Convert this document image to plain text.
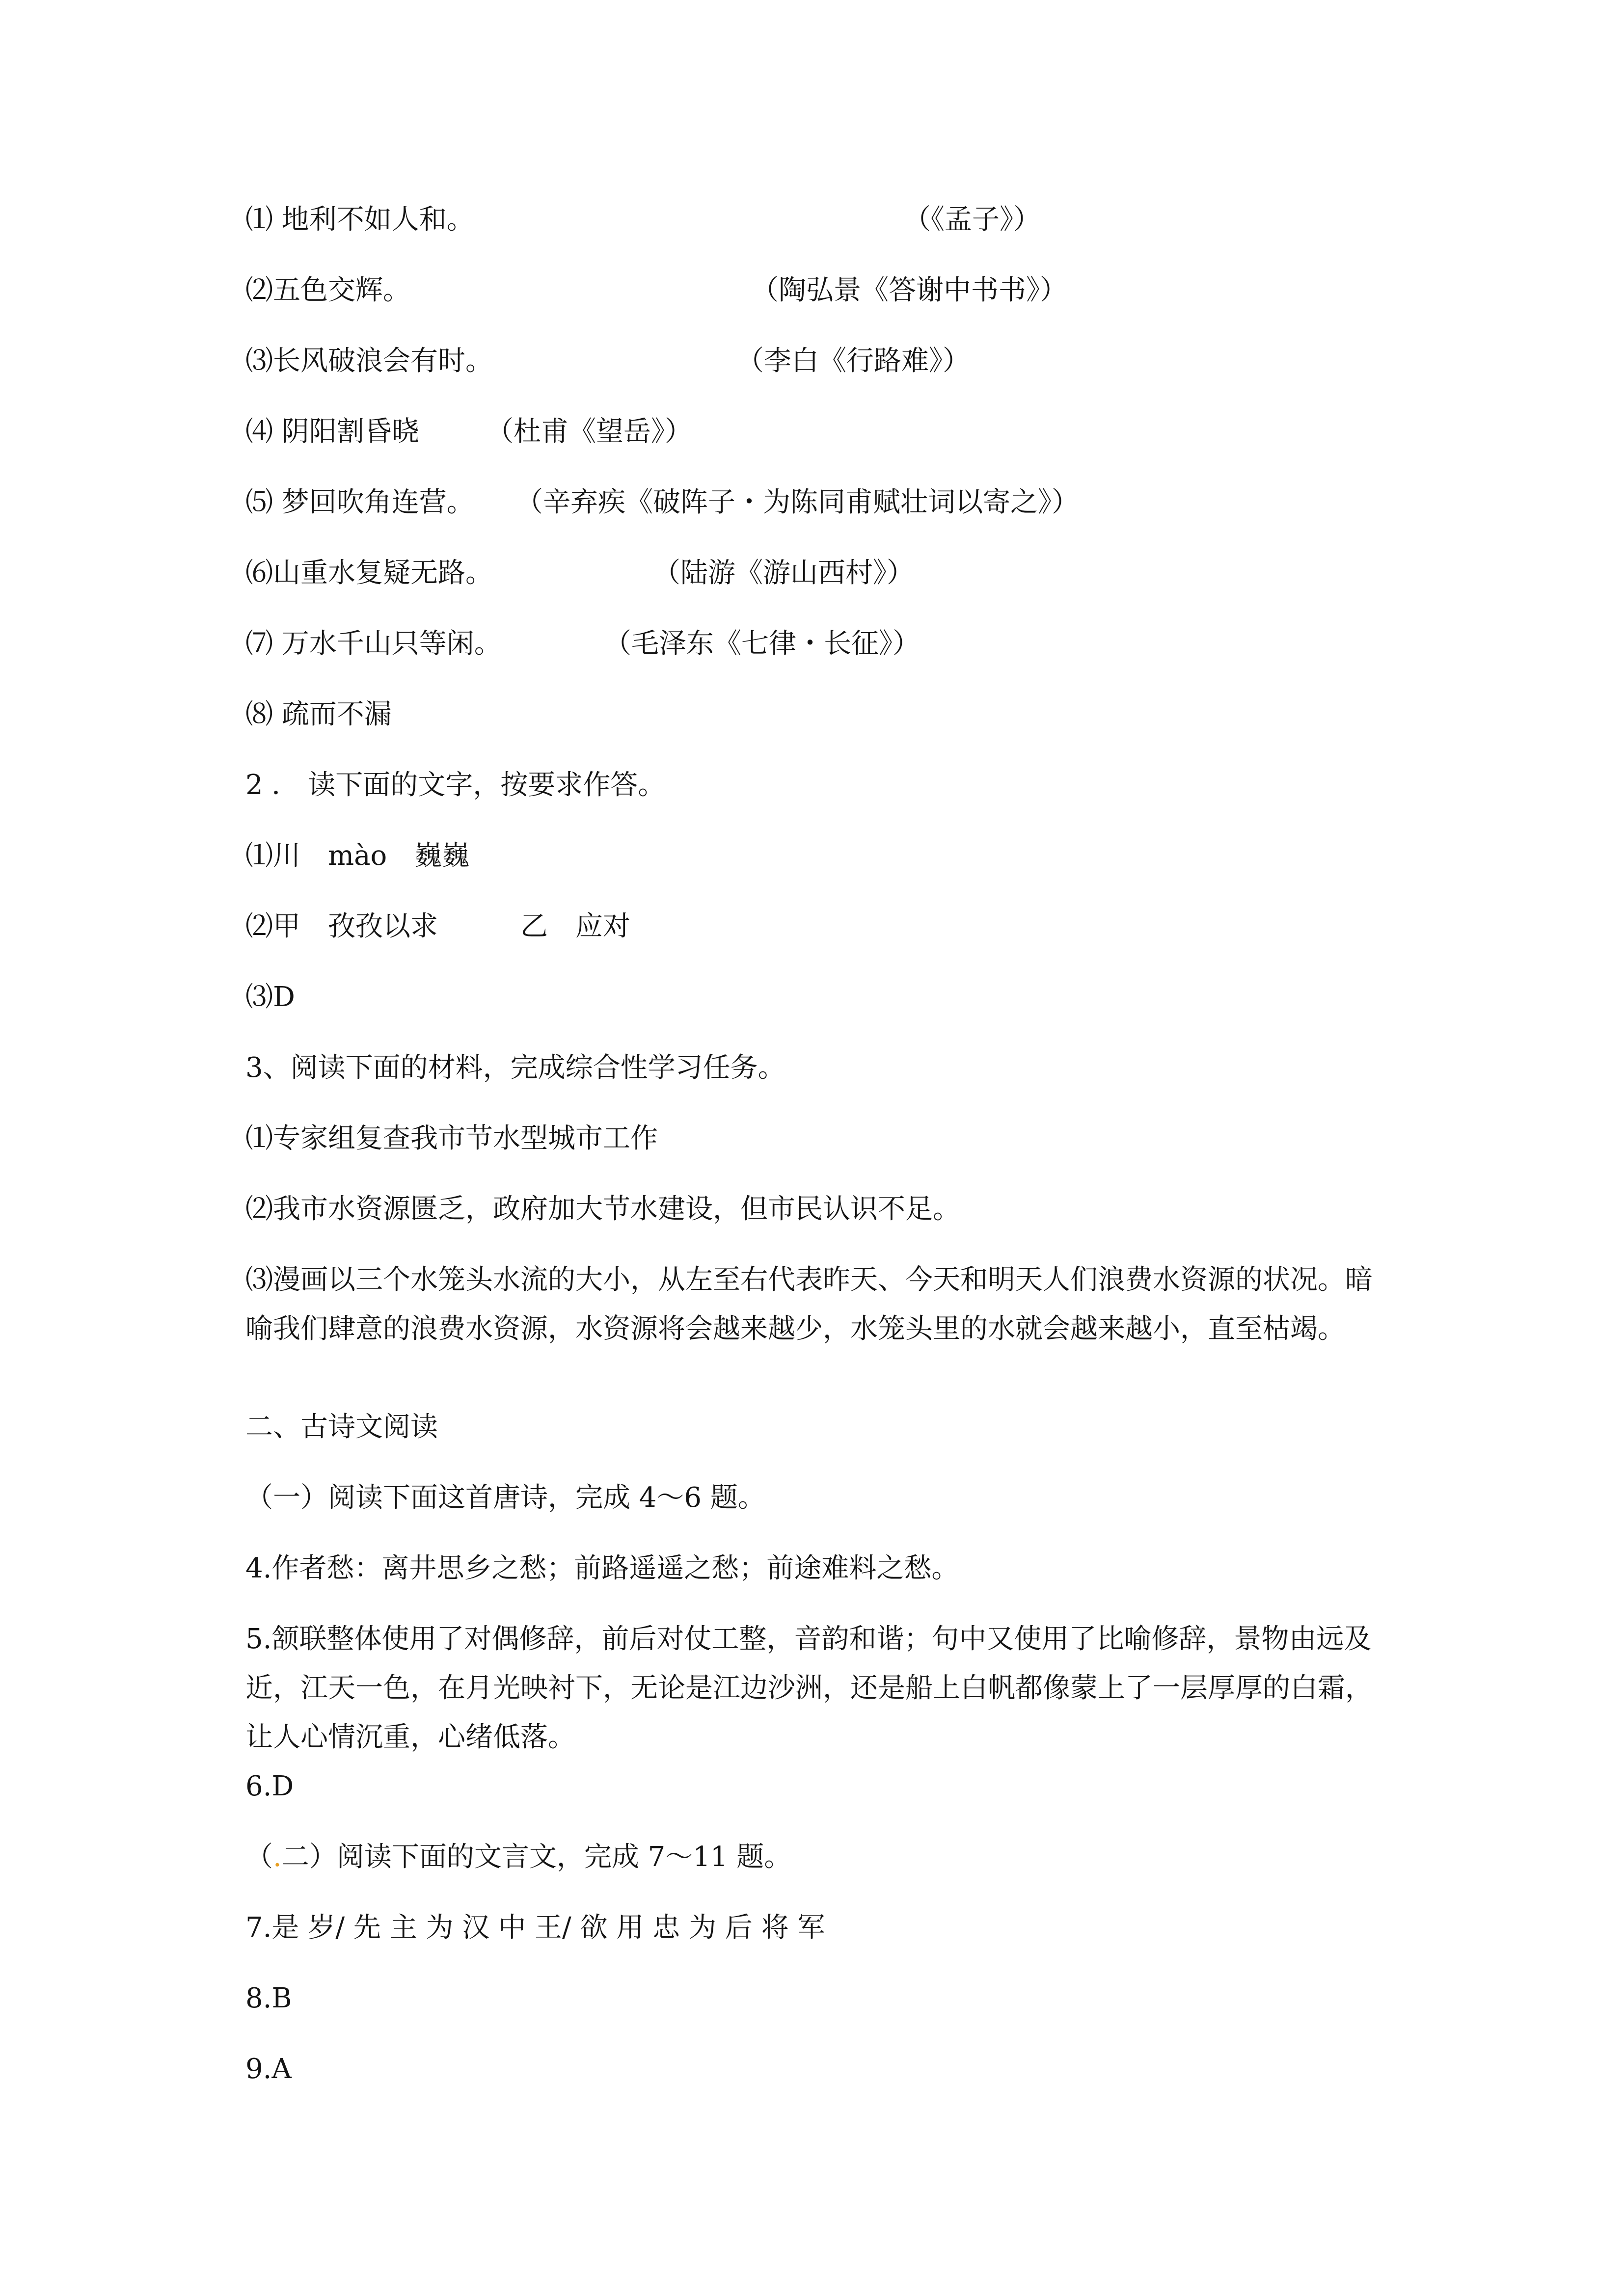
⑴ 地利不如人和。	（《孟子》）

⑵五色交辉。	（陶弘景《答谢中书书》）

⑶长风破浪会有时。	（李白《行路难》）

⑷ 阴阳割昏晓 （杜甫《望岳》）

⑸ 梦回吹角连营。 （辛弃疾《破阵子・为陈同甫赋壮词以寄之》）

⑹山重水复疑无路。	（陆游《游山西村》）

⑺ 万水千山只等闲。	（毛泽东《七律・长征》）

⑻ 疏而不漏

2 ． 读下面的文字，按要求作答。

⑴川　mào　巍巍

⑵甲　孜孜以求　　　乙　应对

⑶D

3、阅读下面的材料，完成综合性学习任务。

⑴专家组复查我市节水型城市工作

⑵我市水资源匮乏，政府加大节水建设，但市民认识不足。

⑶漫画以三个水笼头水流的大小，从左至右代表昨天、今天和明天人们浪费水资源的状况。暗喻我们肆意的浪费水资源，水资源将会越来越少，水笼头里的水就会越来越小，直至枯竭。

二、古诗文阅读

（一）阅读下面这首唐诗，完成 4～6 题。

4.作者愁：离井思乡之愁；前路遥遥之愁；前途难料之愁。

5.颔联整体使用了对偶修辞，前后对仗工整，音韵和谐；句中又使用了比喻修辞，景物由远及近，江天一色，在月光映衬下，无论是江边沙洲，还是船上白帆都像蒙上了一层厚厚的白霜，让人心情沉重，心绪低落。

6.D

（.二）阅读下面的文言文，完成 7～11 题。

7.是 岁/ 先 主 为 汉 中 王/ 欲 用 忠 为 后 将 军

8.B

9.A
